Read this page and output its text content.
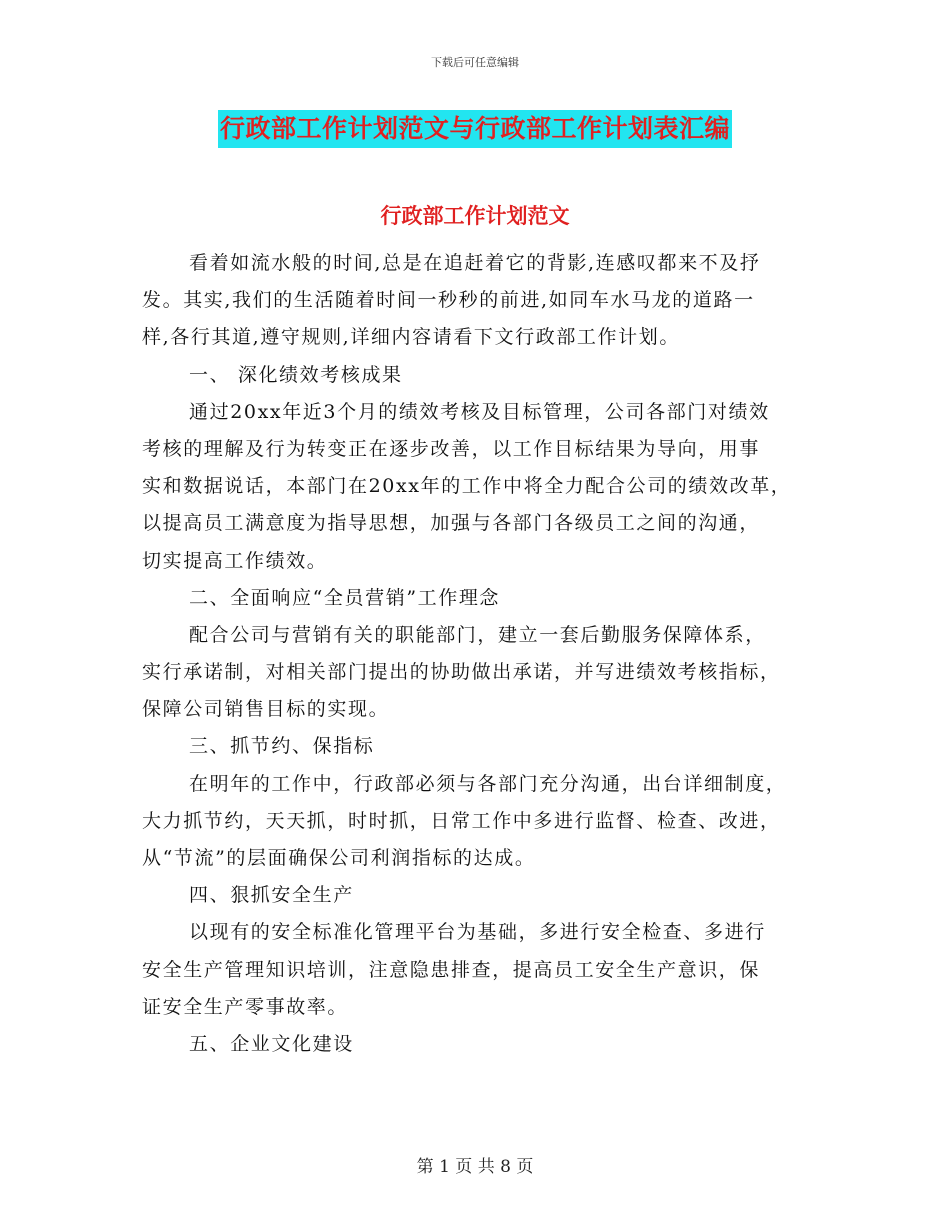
下载后可任意编辑
行政部工作计划范文与行政部工作计划表汇编
行政部工作计划范文
看着如流水般的时间,总是在追赶着它的背影,连感叹都来不及抒
发。其实,我们的生活随着时间一秒秒的前进,如同车水马龙的道路一
样,各行其道,遵守规则,详细内容请看下文行政部工作计划。
一、 深化绩效考核成果
通过20xx年近3个月的绩效考核及目标管理，公司各部门对绩效
考核的理解及行为转变正在逐步改善，以工作目标结果为导向，用事
实和数据说话，本部门在20xx年的工作中将全力配合公司的绩效改革，
以提高员工满意度为指导思想，加强与各部门各级员工之间的沟通，
切实提高工作绩效。
二、全面响应“全员营销”工作理念
配合公司与营销有关的职能部门，建立一套后勤服务保障体系，
实行承诺制，对相关部门提出的协助做出承诺，并写进绩效考核指标，
保障公司销售目标的实现。
三、抓节约、保指标
在明年的工作中，行政部必须与各部门充分沟通，出台详细制度，
大力抓节约，天天抓，时时抓，日常工作中多进行监督、检查、改进，
从“节流”的层面确保公司利润指标的达成。
四、狠抓安全生产
以现有的安全标准化管理平台为基础，多进行安全检查、多进行
安全生产管理知识培训，注意隐患排查，提高员工安全生产意识，保
证安全生产零事故率。
五、企业文化建设
第 1 页 共 8 页
